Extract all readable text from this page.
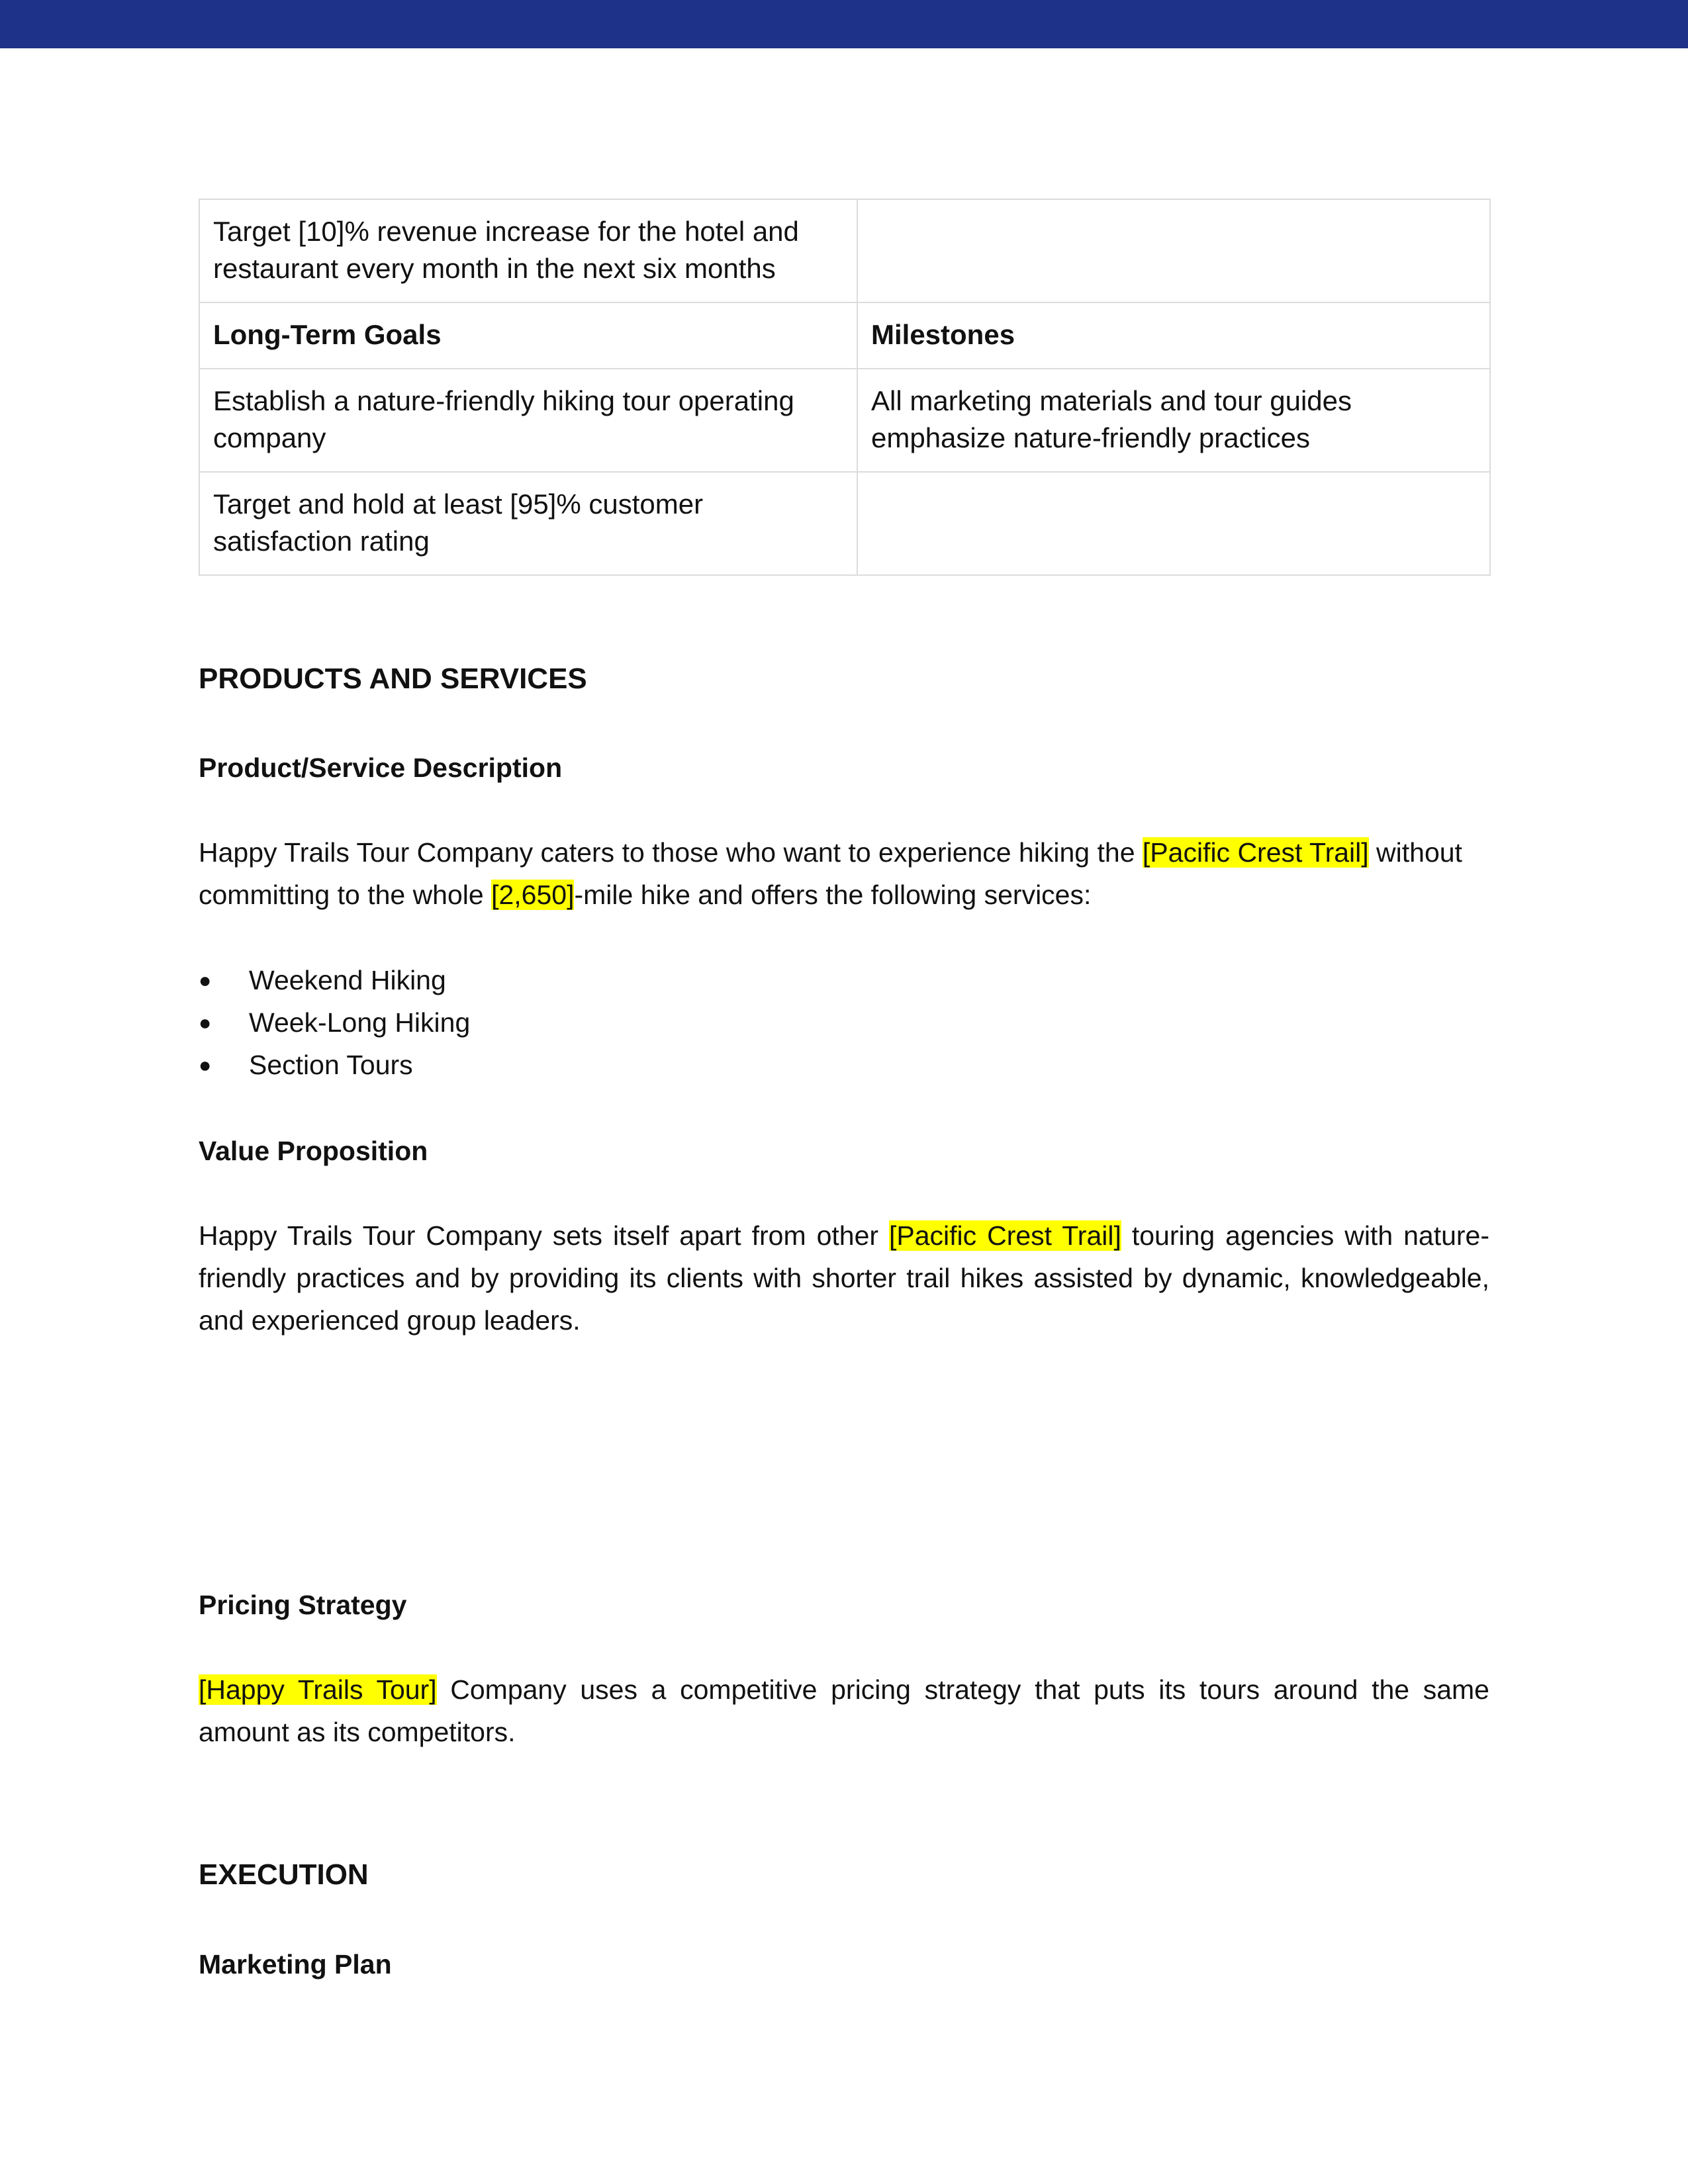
Target [10]% revenue increase for the hotel and restaurant every month in the next six months	
Long-Term Goals	Milestones
Establish a nature-friendly hiking tour operating company	All marketing materials and tour guides emphasize nature-friendly practices
Target and hold at least [95]% customer satisfaction rating	
PRODUCTS AND SERVICES
Product/Service Description
Happy Trails Tour Company caters to those who want to experience hiking the [Pacific Crest Trail] without committing to the whole [2,650]-mile hike and offers the following services:
● Weekend Hiking
● Week-Long Hiking
● Section Tours
Value Proposition
Happy Trails Tour Company sets itself apart from other [Pacific Crest Trail] touring agencies with nature-friendly practices and by providing its clients with shorter trail hikes assisted by dynamic, knowledgeable, and experienced group leaders.
Pricing Strategy
[Happy Trails Tour] Company uses a competitive pricing strategy that puts its tours around the same amount as its competitors.
EXECUTION
Marketing Plan
